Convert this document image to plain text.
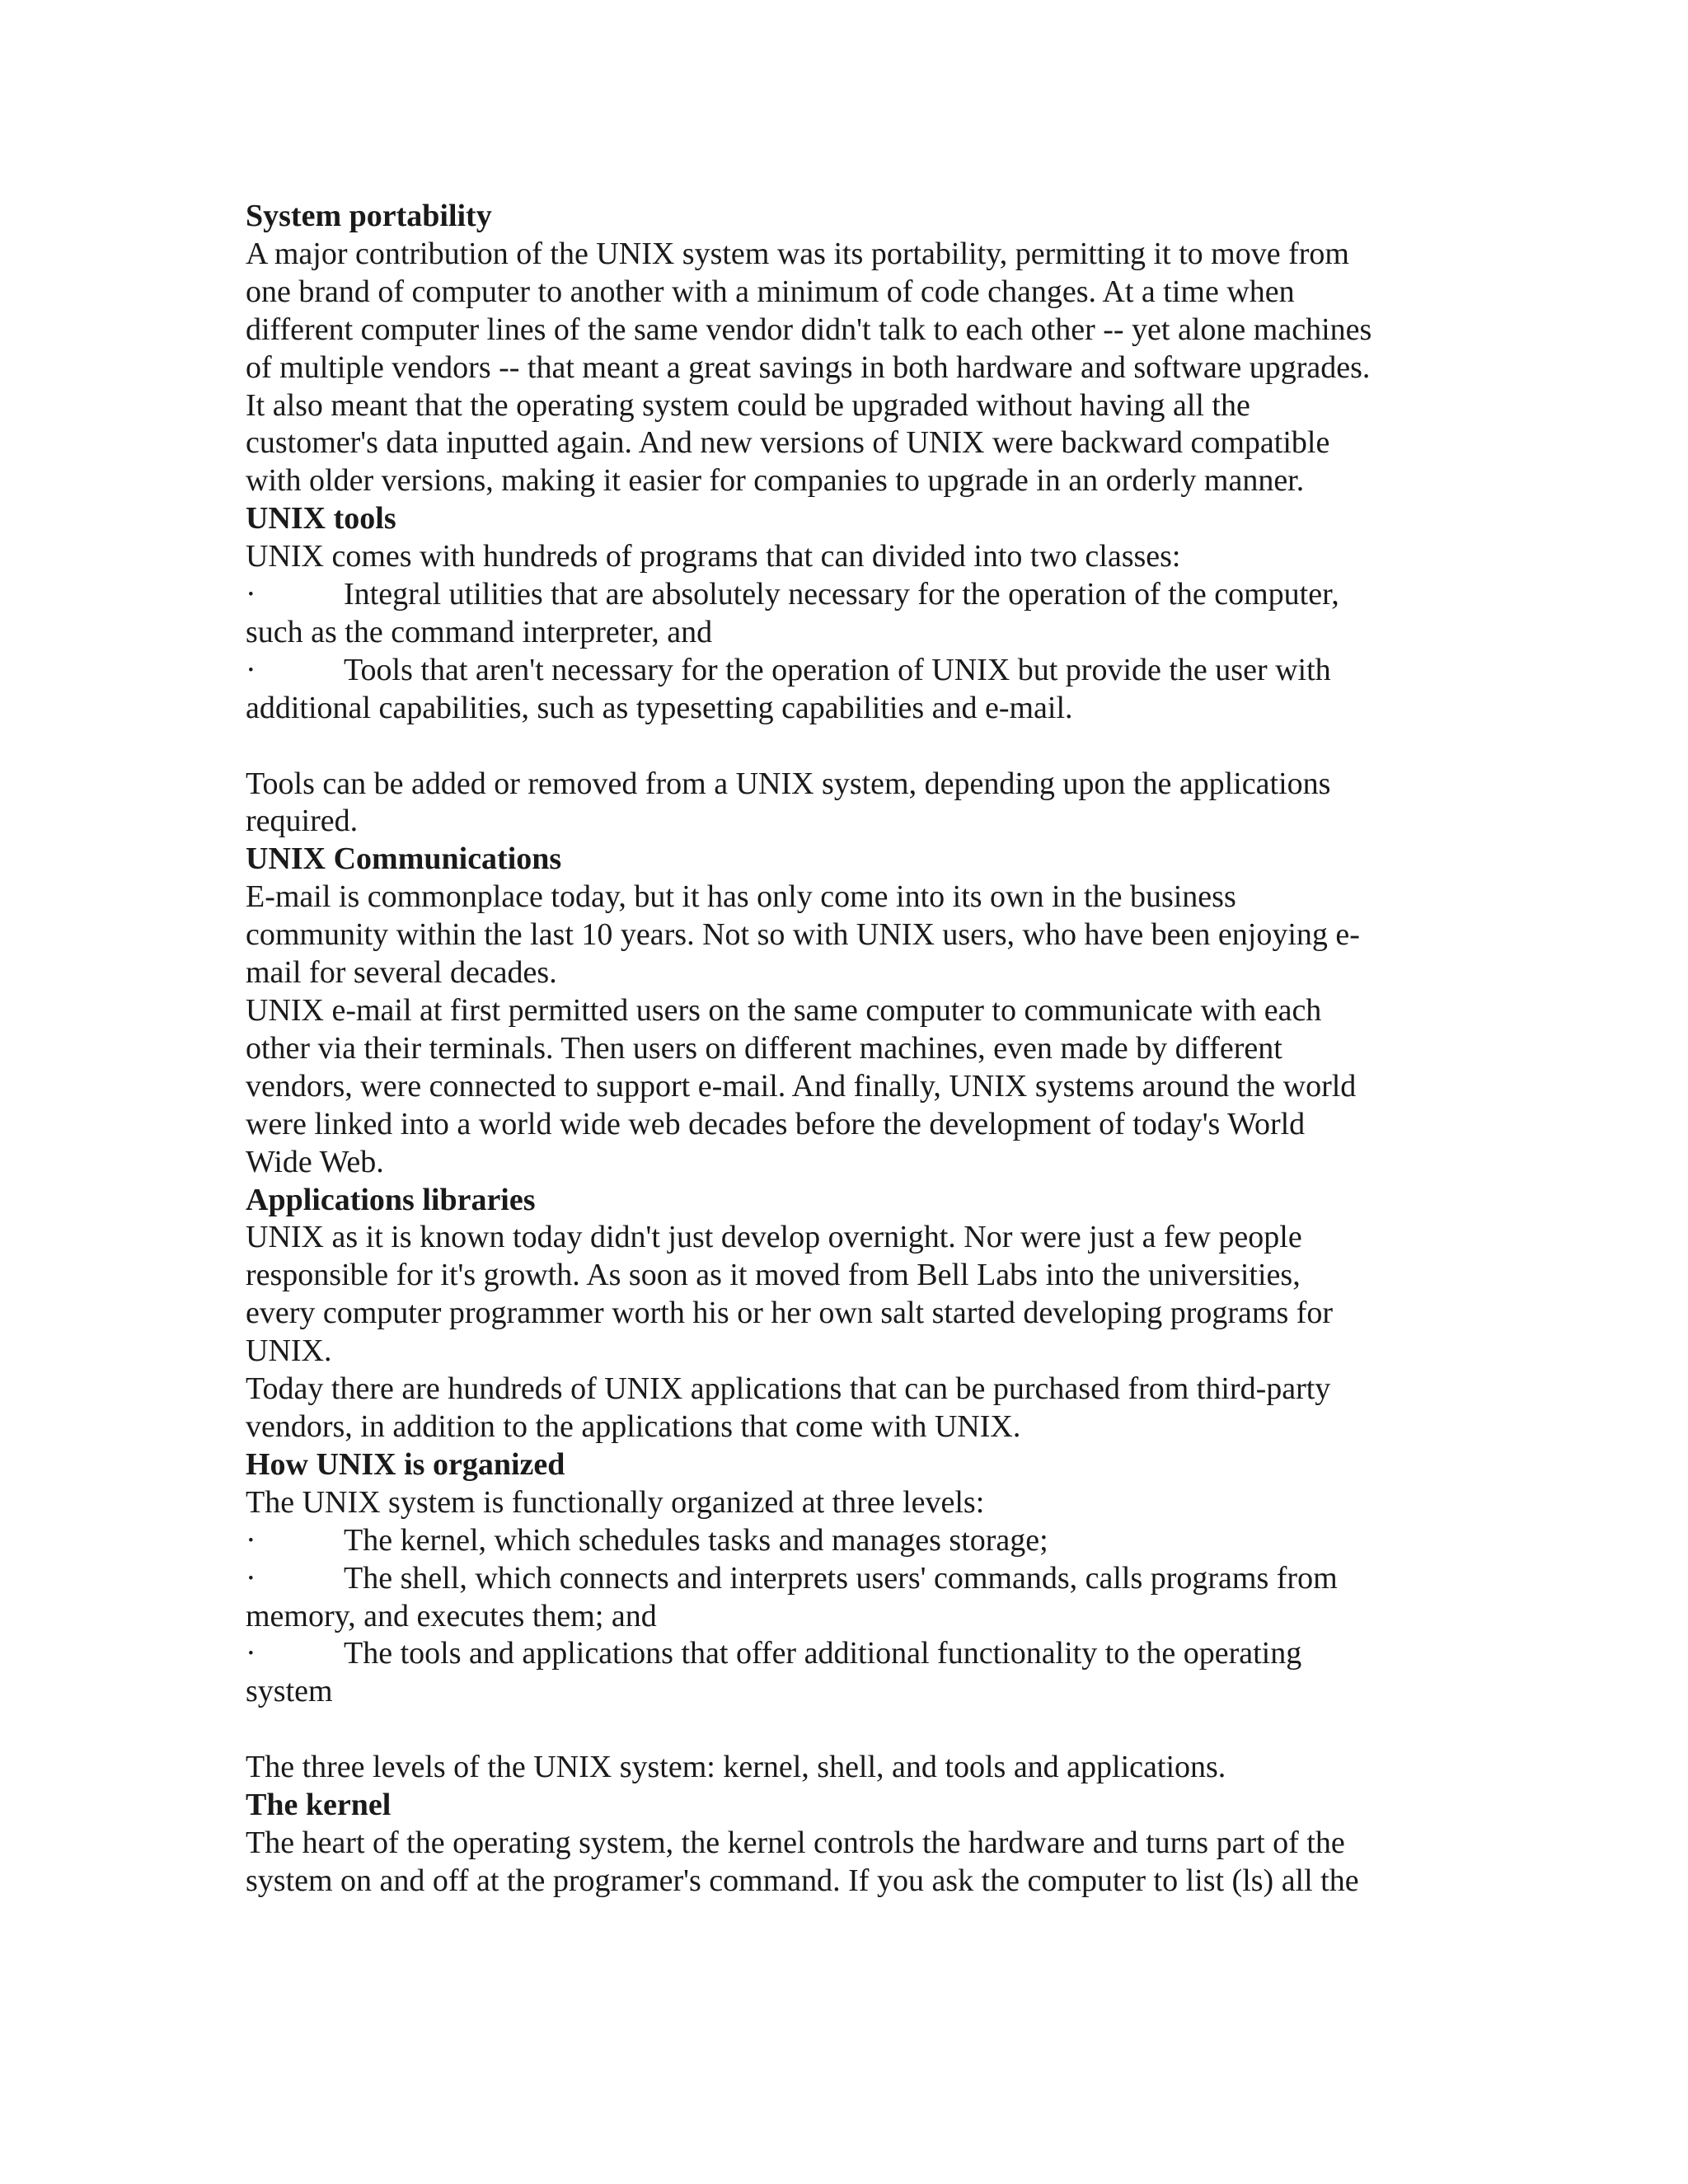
System portability
A major contribution of the UNIX system was its portability, permitting it to move from
one brand of computer to another with a minimum of code changes. At a time when
different computer lines of the same vendor didn't talk to each other -- yet alone machines
of multiple vendors -- that meant a great savings in both hardware and software upgrades.
It also meant that the operating system could be upgraded without having all the
customer's data inputted again. And new versions of UNIX were backward compatible
with older versions, making it easier for companies to upgrade in an orderly manner.
UNIX tools
UNIX comes with hundreds of programs that can divided into two classes:
·	Integral utilities that are absolutely necessary for the operation of the computer,
such as the command interpreter, and
·	Tools that aren't necessary for the operation of UNIX but provide the user with
additional capabilities, such as typesetting capabilities and e-mail.
Tools can be added or removed from a UNIX system, depending upon the applications
required.
UNIX Communications
E-mail is commonplace today, but it has only come into its own in the business
community within the last 10 years. Not so with UNIX users, who have been enjoying e-
mail for several decades.
UNIX e-mail at first permitted users on the same computer to communicate with each
other via their terminals. Then users on different machines, even made by different
vendors, were connected to support e-mail. And finally, UNIX systems around the world
were linked into a world wide web decades before the development of today's World
Wide Web.
Applications libraries
UNIX as it is known today didn't just develop overnight. Nor were just a few people
responsible for it's growth. As soon as it moved from Bell Labs into the universities,
every computer programmer worth his or her own salt started developing programs for
UNIX.
Today there are hundreds of UNIX applications that can be purchased from third-party
vendors, in addition to the applications that come with UNIX.
How UNIX is organized
The UNIX system is functionally organized at three levels:
·	The kernel, which schedules tasks and manages storage;
·	The shell, which connects and interprets users' commands, calls programs from
memory, and executes them; and
·	The tools and applications that offer additional functionality to the operating
system
The three levels of the UNIX system: kernel, shell, and tools and applications.
The kernel
The heart of the operating system, the kernel controls the hardware and turns part of the
system on and off at the programer's command. If you ask the computer to list (ls) all the
